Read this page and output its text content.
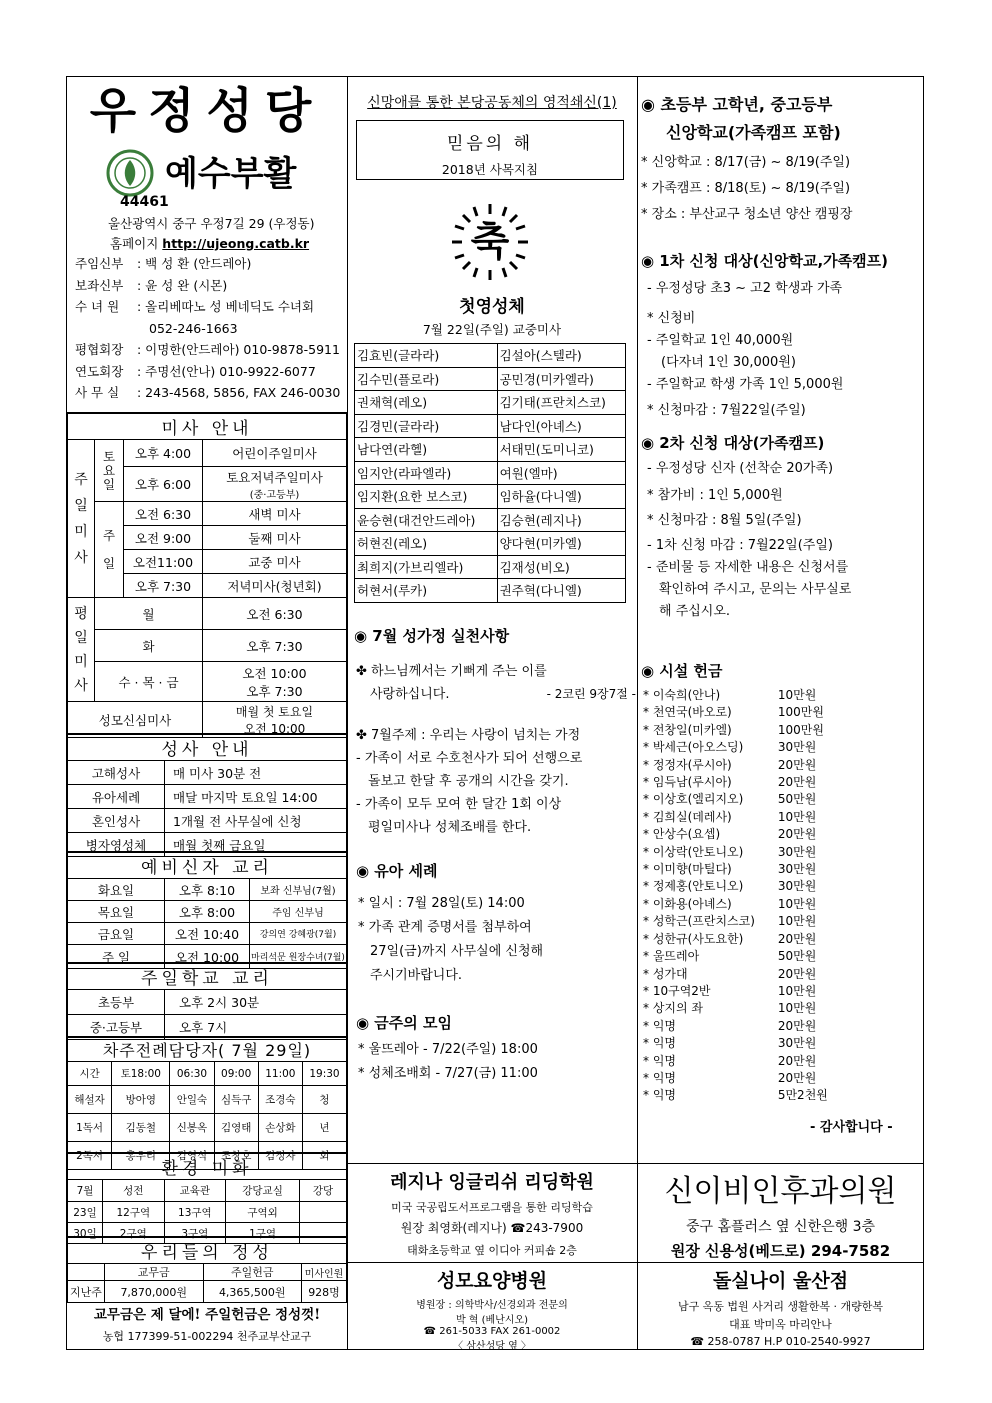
우정성당
예수부활
44461
울산광역시 중구 우정7길 29 (우정동)
홈페이지 http://ujeong.catb.kr
주임신부 : 백 성 환 (안드레아)
보좌신부 : 윤 성 완 (시몬)
수 녀 원 : 올리베따노 성 베네딕도 수녀회
052-246-1663
평협회장 : 이명한(안드레아) 010-9878-5911
연도회장 : 주명선(안나) 010-9922-6077
사 무 실 : 243-4568, 5856, FAX 246-0030
미사 안내			
주일미사	토요일	오후 4:00	어린이주일미사
		오후 6:00	토요저녁주일미사
(중·고등부)

	주일	오전 6:30	새벽 미사
		오전 9:00	둘째 미사
		오전11:00	교중 미사
		오후 7:30	저녁미사(청년회)
평일미사	월		오전 6:30
	화		오후 7:30
	수 · 목 · 금		오전 10:00
오후 7:30

성모신심미사			매월 첫 토요일
오전 10:00
성사 안내	
고해성사	매 미사 30분 전
유아세례	매달 마지막 토요일 14:00
혼인성사	1개월 전 사무실에 신청
병자영성체	매월 첫째 금요일
예비신자 교리		
화요일	오후 8:10	보좌 신부님(7월)
목요일	오후 8:00	주임 신부님
금요일	오전 10:40	강의연 강혜광(7월)
주 일	오전 10:00	마리석문 원장수녀(7월)
주일학교 교리	
초등부	오후 2시 30분
중·고등부	오후 7시
차주전례담당자( 7월 29일)					
시간	토18:00	06:30	09:00	11:00	19:30
해설자	방아영	안일숙	심득구	조경숙	청
1독서	김동철	신봉옥	김영태	손상화	년
2독서	홍우리	김영식	조창호	김정자	회
환경 미화				
7월	성전	교육관	강당교실	강당
23일	12구역	13구역	구역외	
30일	2구역	3구역	1구역	
우리들의 정성			
	교무금	주일헌금	미사인원
지난주	7,870,000원	4,365,500원	928명
교무금은 제 달에! 주일헌금은 정성껏!
농협 177399-51-002294 천주교부산교구
신망애를 통한 본당공동체의 영적쇄신(1)
믿음의 해
2018년 사목지침
축
첫영성체
7월 22일(주일) 교중미사
김효빈(글라라)	김설아(스텔라)
김수민(플로라)	공민경(미카엘라)
권채혁(레오)	김기태(프란치스코)
김경민(글라라)	남다인(아녜스)
남다연(라헬)	서태민(도미니코)
임지안(라파엘라)	여원(엘마)
임지환(요한 보스코)	임하율(다니엘)
윤승현(대건안드레아)	김승현(레지나)
허현진(레오)	양다현(미카엘)
최희지(가브리엘라)	김재성(비오)
허현서(루카)	권주혁(다니엘)
◉ 7월 성가정 실천사항
✤ 하느님께서는 기뻐게 주는 이를
사랑하십니다.	- 2코린 9장7절 -
✤ 7월주제 : 우리는 사랑이 넘치는 가정
- 가족이 서로 수호천사가 되어 선행으로
돌보고 한달 후 공개의 시간을 갖기.
- 가족이 모두 모여 한 달간 1회 이상
평일미사나 성체조배를 한다.
◉ 유아 세례
* 일시 : 7월 28일(토) 14:00
* 가족 관계 증명서를 첨부하여
27일(금)까지 사무실에 신청해
주시기바랍니다.
◉ 금주의 모임
* 울뜨레아 - 7/22(주일) 18:00
* 성체조배회 - 7/27(금) 11:00
◉ 초등부 고학년, 중고등부
신앙학교(가족캠프 포함)
* 신앙학교 : 8/17(금) ~ 8/19(주일)
* 가족캠프 : 8/18(토) ~ 8/19(주일)
* 장소 : 부산교구 청소년 양산 캠핑장
◉ 1차 신청 대상(신앙학교,가족캠프)
- 우정성당 초3 ~ 고2 학생과 가족
* 신청비
- 주일학교 1인 40,000원
(다자녀 1인 30,000원)
- 주일학교 학생 가족 1인 5,000원
* 신청마감 : 7월22일(주일)
◉ 2차 신청 대상(가족캠프)
- 우정성당 신자 (선착순 20가족)
* 참가비 : 1인 5,000원
* 신청마감 : 8월 5일(주일)
- 1차 신청 마감 : 7월22일(주일)
- 준비물 등 자세한 내용은 신청서를
확인하여 주시고, 문의는 사무실로
해 주십시오.
◉ 시설 헌금
* 이숙희(안나)	10만원
* 천연국(바오로)	100만원
* 전창일(미카엘)	100만원
* 박세근(아오스딩)	30만원
* 정정자(루시아)	20만원
* 임득남(루시아)	20만원
* 이상호(엘리지오)	50만원
* 김희실(데레사)	10만원
* 안상수(요셉)	20만원
* 이상락(안토니오)	30만원
* 이미향(마틸다)	30만원
* 정제홍(안토니오)	30만원
* 이화용(아녜스)	10만원
* 성학근(프란치스코) 10만원
* 성한규(사도요한)	20만원
* 울뜨레아	50만원
* 성가대	20만원
* 10구역2반	10만원
* 상지의 좌	10만원
* 익명	20만원
* 익명	30만원
* 익명	20만원
* 익명	20만원
* 익명	5만2천원
- 감사합니다 -
레지나 잉글리쉬 리딩학원
미국 국공립도서프로그램을 통한 리딩학습
원장 최영화(레지나) ☎243-7900
태화초등학교 옆 이디아 커피숍 2층
신이비인후과의원
중구 홈플러스 옆 신한은행 3층
원장 신용성(베드로) 294-7582
성모요양병원
병원장 : 의학박사/신경외과 전문의
박 혁 (베난시오)
☎ 261-5033 FAX 261-0002
〈 삼산성당 옆 〉
돌실나이 울산점
남구 옥동 법원 사거리 생활한복 · 개량한복
대표 박미옥 마리안나
☎ 258-0787 H.P 010-2540-9927
